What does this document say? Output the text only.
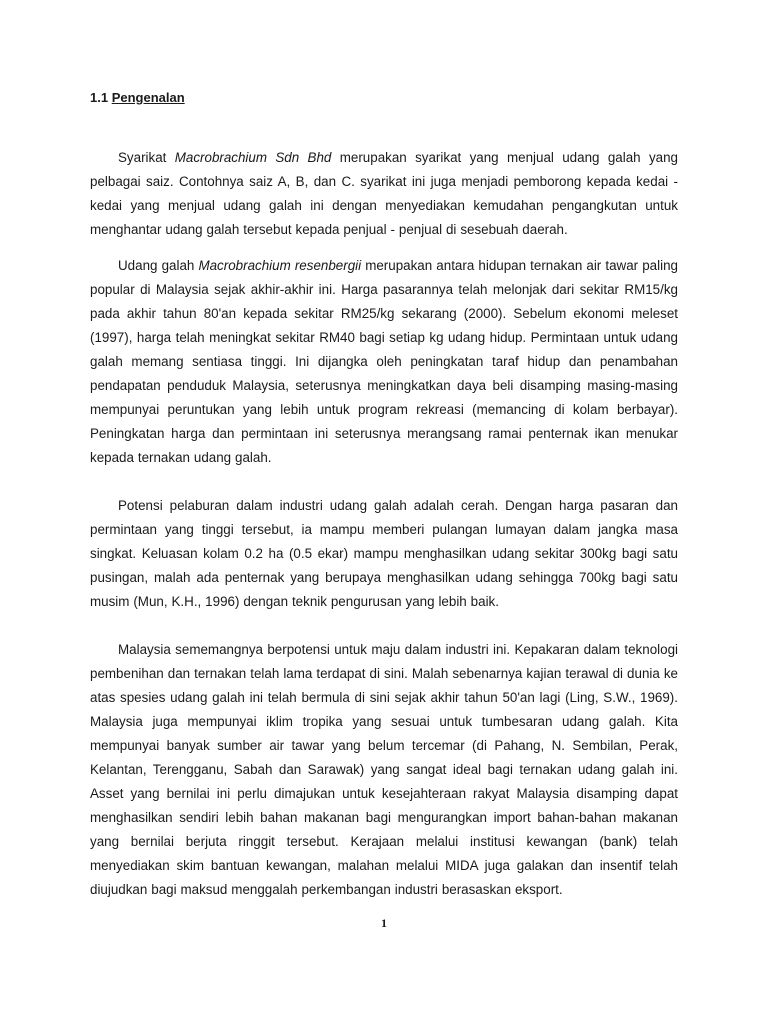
1.1 Pengenalan

Syarikat Macrobrachium Sdn Bhd merupakan syarikat yang menjual udang galah yang pelbagai saiz. Contohnya saiz A, B, dan C. syarikat ini juga menjadi pemborong kepada kedai - kedai yang menjual udang galah ini dengan menyediakan kemudahan pengangkutan untuk menghantar udang galah tersebut kepada penjual - penjual di sesebuah daerah.

Udang galah Macrobrachium resenbergii merupakan antara hidupan ternakan air tawar paling popular di Malaysia sejak akhir-akhir ini. Harga pasarannya telah melonjak dari sekitar RM15/kg pada akhir tahun 80'an kepada sekitar RM25/kg sekarang (2000). Sebelum ekonomi meleset (1997), harga telah meningkat sekitar RM40 bagi setiap kg udang hidup. Permintaan untuk udang galah memang sentiasa tinggi. Ini dijangka oleh peningkatan taraf hidup dan penambahan pendapatan penduduk Malaysia, seterusnya meningkatkan daya beli disamping masing-masing mempunyai peruntukan yang lebih untuk program rekreasi (memancing di kolam berbayar). Peningkatan harga dan permintaan ini seterusnya merangsang ramai penternak ikan menukar kepada ternakan udang galah.

Potensi pelaburan dalam industri udang galah adalah cerah. Dengan harga pasaran dan permintaan yang tinggi tersebut, ia mampu memberi pulangan lumayan dalam jangka masa singkat. Keluasan kolam 0.2 ha (0.5 ekar) mampu menghasilkan udang sekitar 300kg bagi satu pusingan, malah ada penternak yang berupaya menghasilkan udang sehingga 700kg bagi satu musim (Mun, K.H., 1996) dengan teknik pengurusan yang lebih baik.

Malaysia sememangnya berpotensi untuk maju dalam industri ini. Kepakaran dalam teknologi pembenihan dan ternakan telah lama terdapat di sini. Malah sebenarnya kajian terawal di dunia ke atas spesies udang galah ini telah bermula di sini sejak akhir tahun 50'an lagi (Ling, S.W., 1969). Malaysia juga mempunyai iklim tropika yang sesuai untuk tumbesaran udang galah. Kita mempunyai banyak sumber air tawar yang belum tercemar (di Pahang, N. Sembilan, Perak, Kelantan, Terengganu, Sabah dan Sarawak) yang sangat ideal bagi ternakan udang galah ini. Asset yang bernilai ini perlu dimajukan untuk kesejahteraan rakyat Malaysia disamping dapat menghasilkan sendiri lebih bahan makanan bagi mengurangkan import bahan-bahan makanan yang bernilai berjuta ringgit tersebut. Kerajaan melalui institusi kewangan (bank) telah menyediakan skim bantuan kewangan, malahan melalui MIDA juga galakan dan insentif telah diujudkan bagi maksud menggalah perkembangan industri berasaskan eksport.

1
